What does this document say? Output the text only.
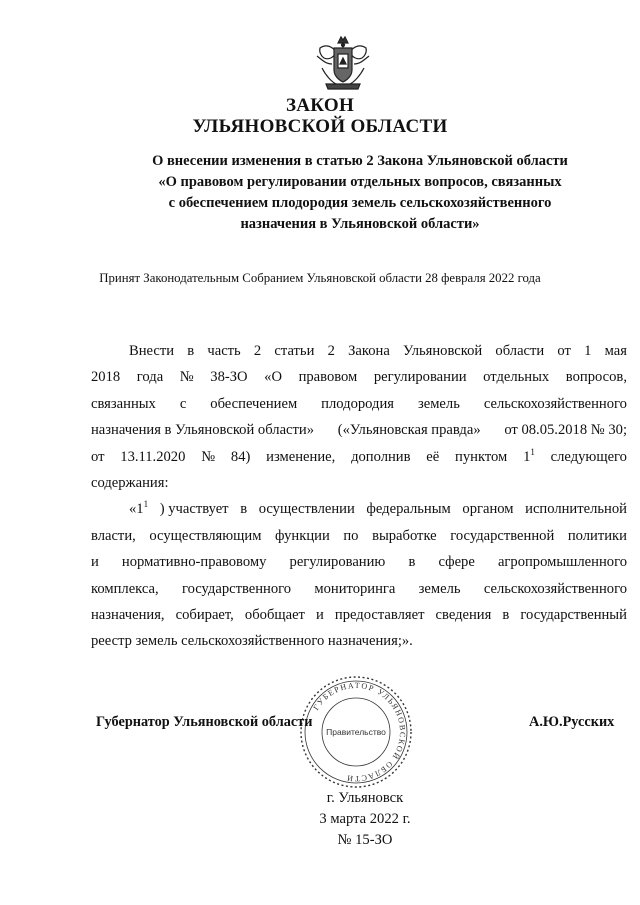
ЗАКОН
УЛЬЯНОВСКОЙ ОБЛАСТИ
О внесении изменения в статью 2 Закона Ульяновской области
«О правовом регулировании отдельных вопросов, связанных
с обеспечением плодородия земель сельскохозяйственного
назначения в Ульяновской области»
Принят Законодательным Собранием Ульяновской области 28 февраля 2022 года

Внести в часть 2 статьи 2 Закона Ульяновской области от 1 мая

2018 года № 38-ЗО «О правовом регулировании отдельных вопросов,

связанных с обеспечением плодородия земель сельскохозяйственного

назначения в Ульяновской области» («Ульяновская правда» от 08.05.2018 № 30;

от 13.11.2020 № 84) изменение, дополнив её пунктом $1^1$ следующего

содержания:

«$1^1$ ) участвует в осуществлении федеральным органом исполнительной

власти, осуществляющим функции по выработке государственной политики

и нормативно-правовому регулированию в сфере агропромышленного

комплекса, государственного мониторинга земель сельскохозяйственного

назначения, собирает, обобщает и предоставляет сведения в государственный

реестр земель сельскохозяйственного назначения;».

ГУБЕРНАТОР УЛЬЯНОВСКОЙ ОБЛАСТИ
Правительство
Губернатор Ульяновской области	А.Ю.Русских
г. Ульяновск
3 марта 2022 г.
№ 15-ЗО
